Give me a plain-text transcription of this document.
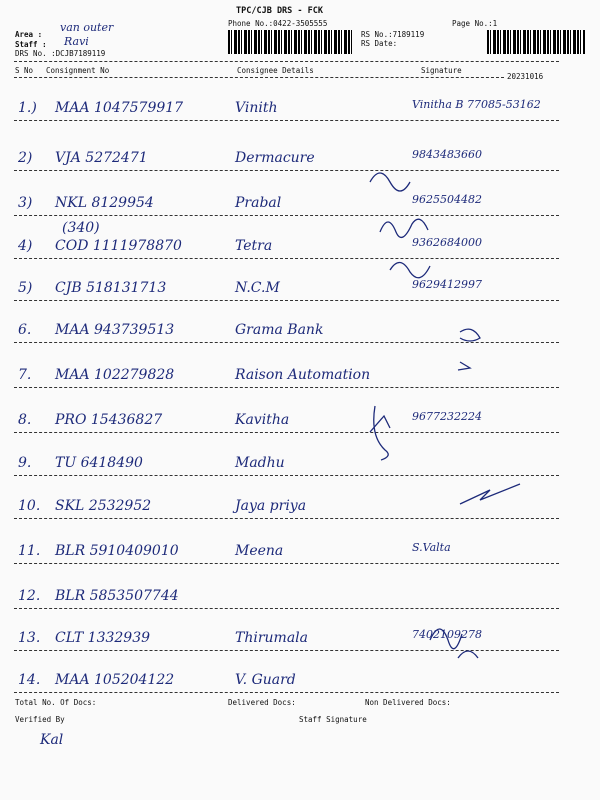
TPC/CJB DRS - FCK
Phone No.:0422-3505555	Page No.:1
Area :
van outer
Staff : Ravi
DRS No. :DCJB7189119
RS No.:7189119
RS Date:
S No Consignment No	Consignee Details	Signature
20231016
1.) MAA 1047579917	Vinith	Vinitha B 77085-53162
2) VJA 5272471	Dermacure	9843483660
3) NKL 8129954	Prabal	9625504482
4) COD 1111978870	Tetra	9362684000
(340)
5) CJB 518131713	N.C.M	9629412997
6. MAA 943739513	Grama Bank
7. MAA 102279828	Raison Automation
8. PRO 15436827	Kavitha	9677232224
9. TU 6418490	Madhu
10. SKL 2532952	Jaya priya
11. BLR 5910409010	Meena	S.Valta
12. BLR 5853507744
13. CLT 1332939	Thirumala	7402109278
14. MAA 105204122	V. Guard
Total No. Of Docs:	Delivered Docs:	Non Delivered Docs:
Verified By	Staff Signature
Kal
